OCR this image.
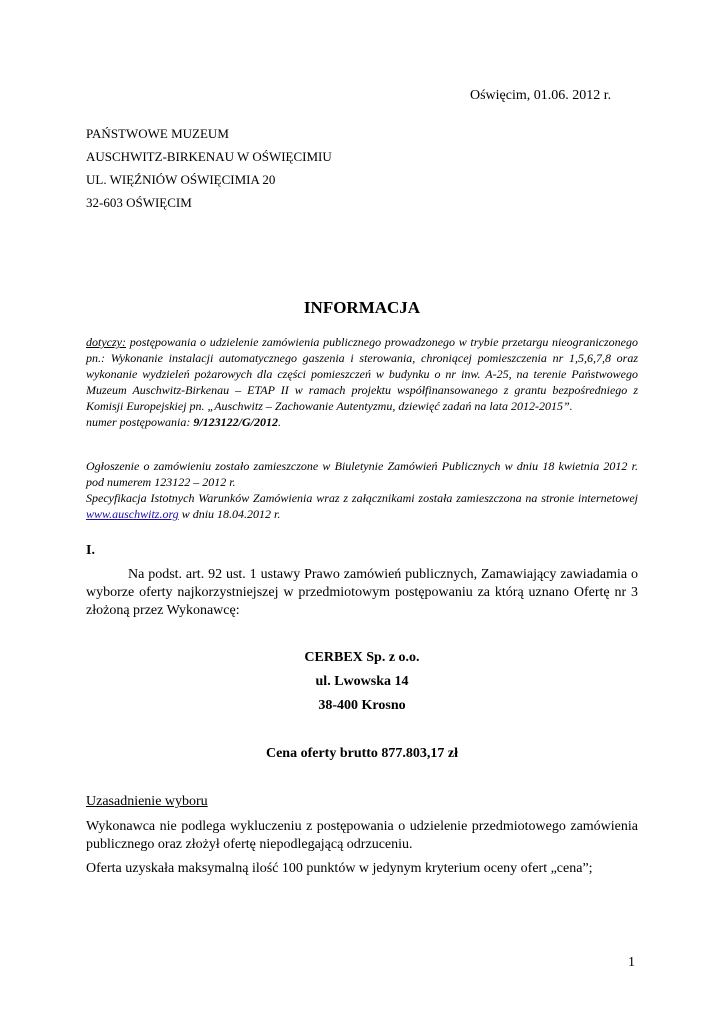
Oświęcim, 01.06. 2012 r.
PAŃSTWOWE MUZEUM
AUSCHWITZ-BIRKENAU W OŚWIĘCIMIU
UL. WIĘŹNIÓW OŚWIĘCIMIA 20
32-603 OŚWIĘCIM
INFORMACJA
dotyczy: postępowania o udzielenie zamówienia publicznego prowadzonego w trybie przetargu nieograniczonego pn.: Wykonanie instalacji automatycznego gaszenia i sterowania, chroniącej pomieszczenia nr 1,5,6,7,8 oraz wykonanie wydzieleń pożarowych dla części pomieszczeń w budynku o nr inw. A-25, na terenie Państwowego Muzeum Auschwitz-Birkenau – ETAP II w ramach projektu współfinansowanego z grantu bezpośredniego z Komisji Europejskiej pn. „Auschwitz – Zachowanie Autentyzmu, dziewięć zadań na lata 2012-2015”.
numer postępowania: 9/123122/G/2012.
Ogłoszenie o zamówieniu zostało zamieszczone w Biuletynie Zamówień Publicznych w dniu 18 kwietnia 2012 r. pod numerem 123122 – 2012 r.
Specyfikacja Istotnych Warunków Zamówienia wraz z załącznikami została zamieszczona na stronie internetowej www.auschwitz.org w dniu 18.04.2012 r.
I.
Na podst. art. 92 ust. 1 ustawy Prawo zamówień publicznych, Zamawiający zawiadamia o wyborze oferty najkorzystniejszej w przedmiotowym postępowaniu za którą uznano Ofertę nr 3 złożoną przez Wykonawcę:
CERBEX Sp. z o.o.
ul. Lwowska 14
38-400 Krosno
Cena oferty brutto 877.803,17 zł
Uzasadnienie wyboru
Wykonawca nie podlega wykluczeniu z postępowania o udzielenie przedmiotowego zamówienia publicznego oraz złożył ofertę niepodlegającą odrzuceniu.
Oferta uzyskała maksymalną ilość 100 punktów w jedynym kryterium oceny ofert „cena”;
1
